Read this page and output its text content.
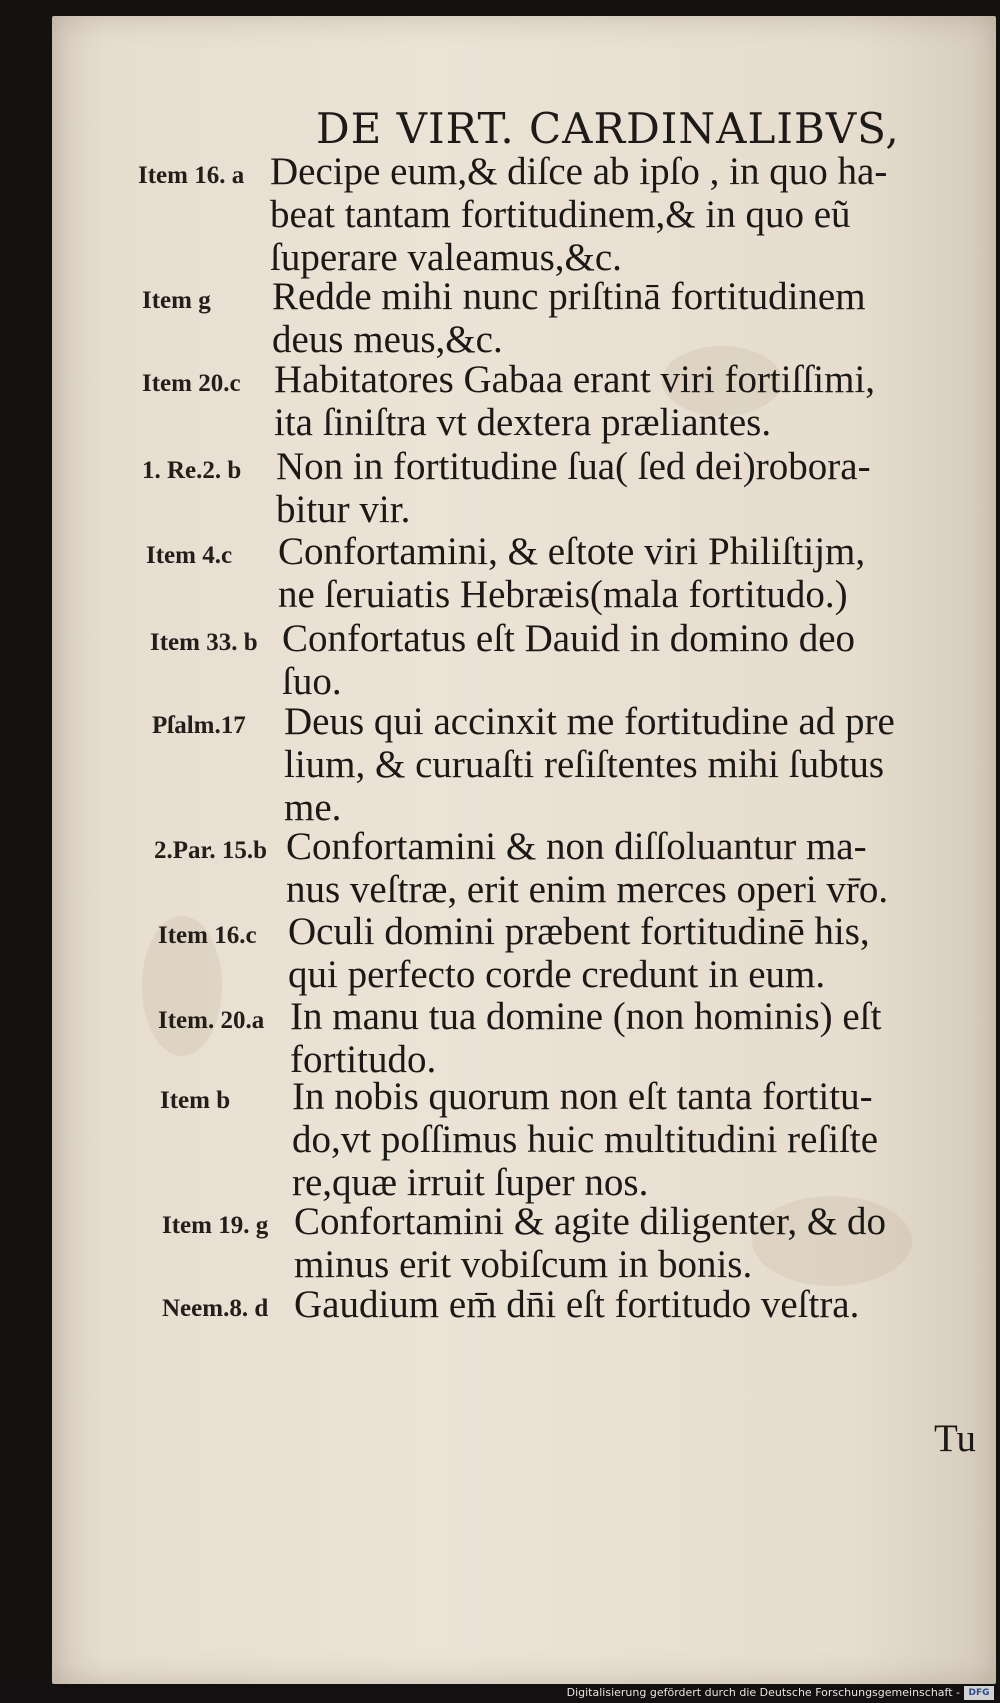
DE VIRT. CARDINALIBVS,
Item 16. a Decipe eum,& diſce ab ipſo , in quo ha-
beat tantam fortitudinem,& in quo eũ
ſuperare valeamus,&c.
Item g Redde mihi nunc priſtinā fortitudinem
deus meus,&c.
Item 20.c Habitatores Gabaa erant viri fortiſſimi,
ita ſiniſtra vt dextera præliantes.
1. Re.2. b Non in fortitudine ſua( ſed dei)robora-
bitur vir.
Item 4.c Confortamini, & eſtote viri Philiſtijm,
ne ſeruiatis Hebræis(mala fortitudo.)
Item 33. b Confortatus eſt Dauid in domino deo
ſuo.
Pſalm.17 Deus qui accinxit me fortitudine ad pre
lium, & curuaſti reſiſtentes mihi ſubtus
me.
2.Par. 15.b Confortamini & non diſſoluantur ma-
nus veſtræ, erit enim merces operi vr̄o.
Item 16.c Oculi domini præbent fortitudinē his,
qui perfecto corde credunt in eum.
Item. 20.a In manu tua domine (non hominis) eſt
fortitudo.
Item b In nobis quorum non eſt tanta fortitu-
do,vt poſſimus huic multitudini reſiſte
re,quæ irruit ſuper nos.
Item 19. g Confortamini & agite diligenter, & do
minus erit vobiſcum in bonis.
Neem.8. d Gaudium em̄ dn̄i eſt fortitudo veſtra.
Tu
Digitalisierung gefördert durch die Deutsche Forschungsgemeinschaft - DFG
